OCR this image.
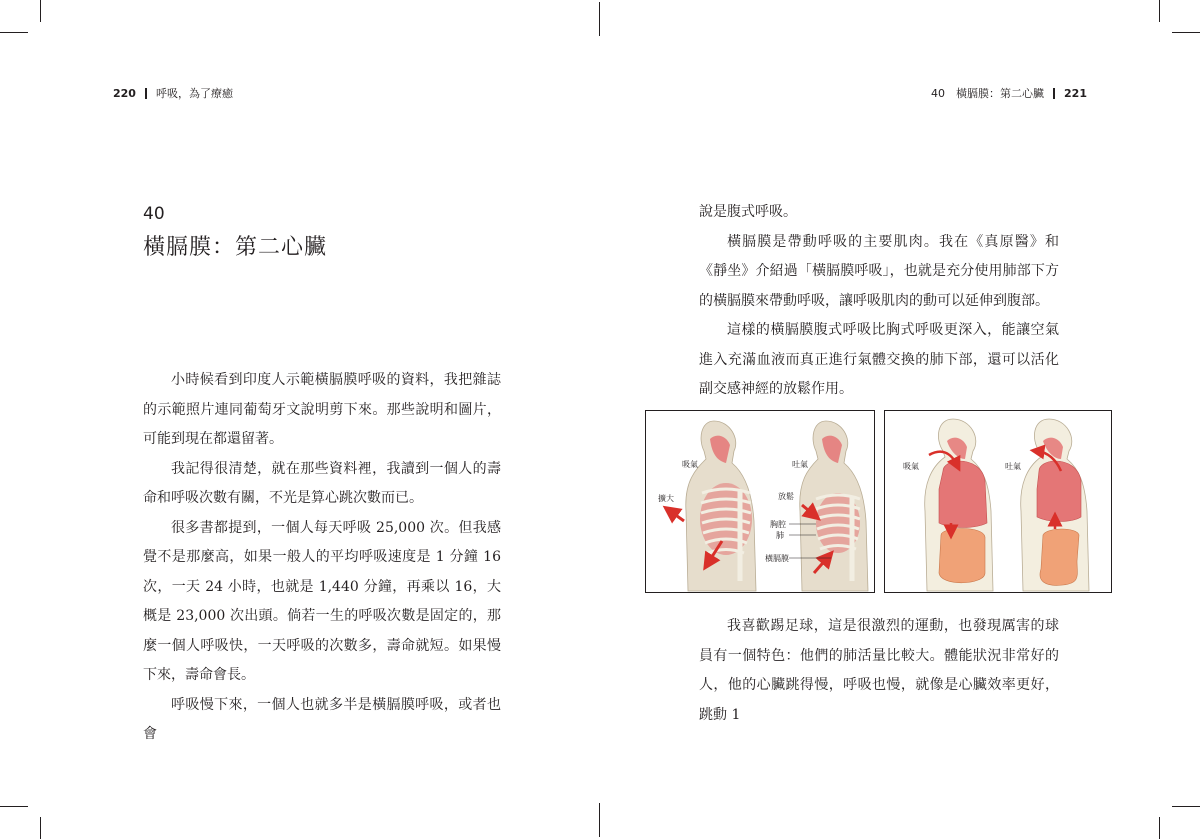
220 呼吸，為了療癒	40　橫膈膜：第二心臟 221
40
橫膈膜：第二心臟

小時候看到印度人示範橫膈膜呼吸的資料，我把雜誌的示範照片連同葡萄牙文說明剪下來。那些說明和圖片，可能到現在都還留著。

我記得很清楚，就在那些資料裡，我讀到一個人的壽命和呼吸次數有關，不光是算心跳次數而已。

很多書都提到，一個人每天呼吸 25,000 次。但我感覺不是那麼高，如果一般人的平均呼吸速度是 1 分鐘 16 次，一天 24 小時，也就是 1,440 分鐘，再乘以 16，大概是 23,000 次出頭。倘若一生的呼吸次數是固定的，那麼一個人呼吸快，一天呼吸的次數多，壽命就短。如果慢下來，壽命會長。

呼吸慢下來，一個人也就多半是橫膈膜呼吸，或者也會

說是腹式呼吸。

橫膈膜是帶動呼吸的主要肌肉。我在《真原醫》和《靜坐》介紹過「橫膈膜呼吸」，也就是充分使用肺部下方的橫膈膜來帶動呼吸，讓呼吸肌肉的動可以延伸到腹部。

這樣的橫膈膜腹式呼吸比胸式呼吸更深入，能讓空氣進入充滿血液而真正進行氣體交換的肺下部，還可以活化副交感神經的放鬆作用。

吸氣	吐氣
擴大	放鬆
胸腔
肺
橫膈膜
吸氣	吐氣

我喜歡踢足球，這是很激烈的運動，也發現厲害的球員有一個特色：他們的肺活量比較大。體能狀況非常好的人，他的心臟跳得慢，呼吸也慢，就像是心臟效率更好，跳動 1
